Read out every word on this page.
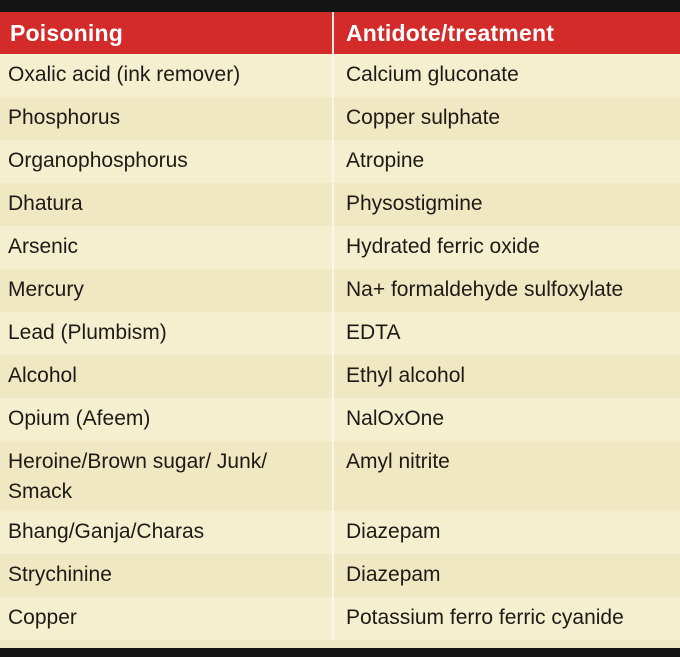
Poisoning	Antidote/treatment
Oxalic acid (ink remover)	Calcium gluconate
Phosphorus	Copper sulphate
Organophosphorus	Atropine
Dhatura	Physostigmine
Arsenic	Hydrated ferric oxide
Mercury	Na+ formaldehyde sulfoxylate
Lead (Plumbism)	EDTA
Alcohol	Ethyl alcohol
Opium (Afeem)	NalOxOne
Heroine/Brown sugar/ Junk/ Smack	Amyl nitrite
Bhang/Ganja/Charas	Diazepam
Strychinine	Diazepam
Copper	Potassium ferro ferric cyanide
